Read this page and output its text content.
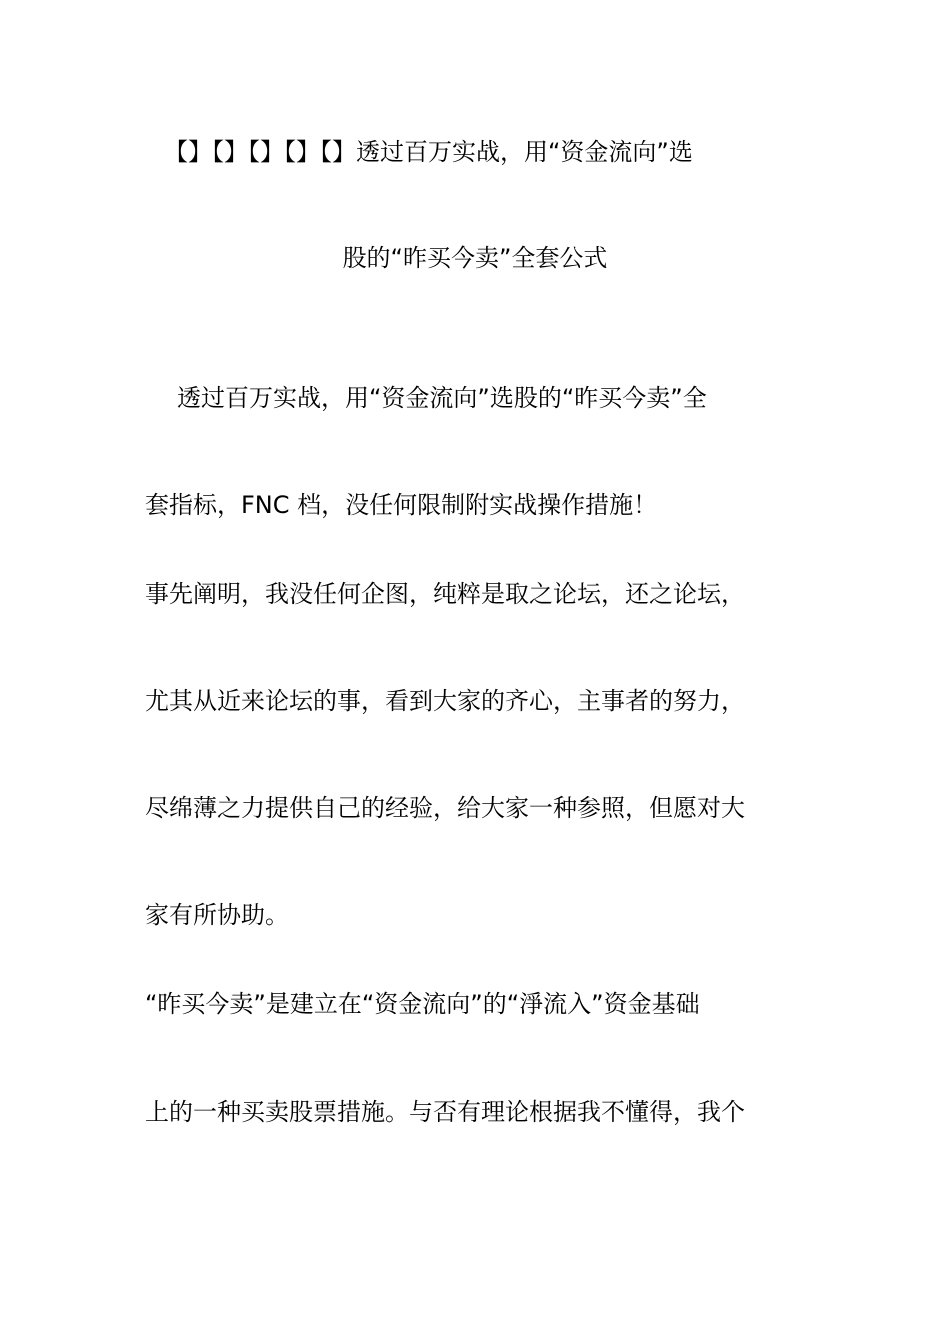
【】【】【】【】【】透过百万实战，用“资金流向”选
股的“昨买今卖”全套公式
透过百万实战，用“资金流向”选股的“昨买今卖”全
套指标，FNC 档，没任何限制附实战操作措施！
事先阐明，我没任何企图，纯粹是取之论坛，还之论坛，
尤其从近来论坛的事，看到大家的齐心，主事者的努力，
尽绵薄之力提供自己的经验，给大家一种参照，但愿对大
家有所协助。
“昨买今卖”是建立在“资金流向”的“淨流入”资金基础
上的一种买卖股票措施。与否有理论根据我不懂得，我个
